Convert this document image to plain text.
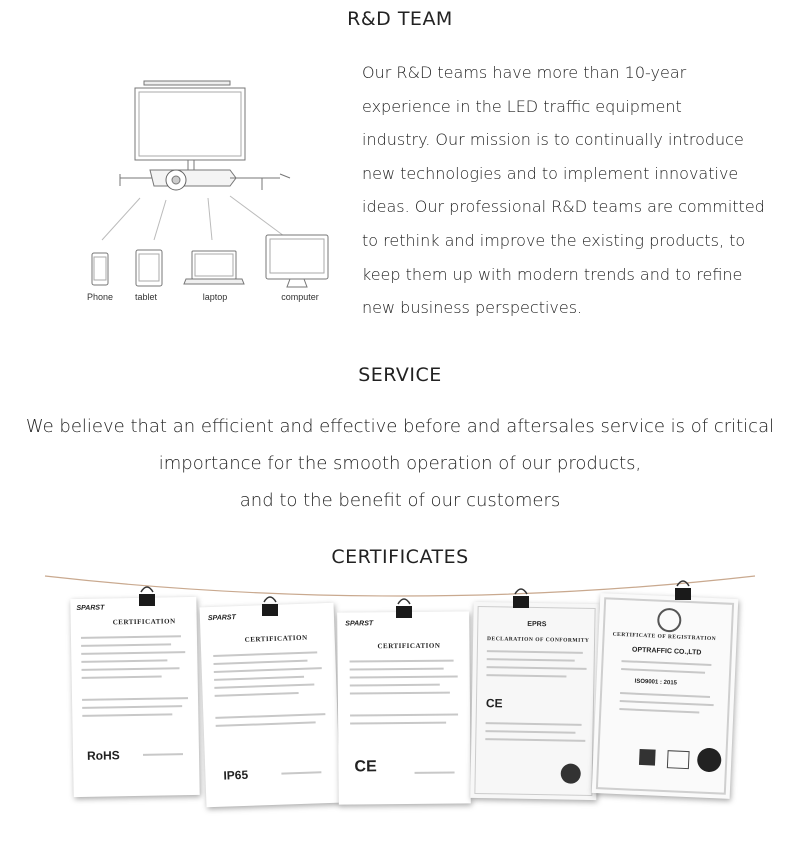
R&D TEAM
Phone	tablet	laptop	computer
Our R&D teams have more than 10-year
experience in the LED traffic equipment
industry. Our mission is to continually introduce
new technologies and to implement innovative
ideas. Our professional R&D teams are committed
to rethink and improve the existing products, to
keep them up with modern trends and to refine
new business perspectives.
SERVICE
We believe that an efficient and effective before and aftersales service is of critical
importance for the smooth operation of our products,
and to the benefit of our customers
CERTIFICATES
SPARST
CERTIFICATION
RoHS
SPARST
CERTIFICATION
IP65
SPARST
CERTIFICATION
CE
EPRS
DECLARATION OF CONFORMITY
CE
CERTIFICATE OF REGISTRATION
OPTRAFFIC CO.,LTD
ISO9001 : 2015
